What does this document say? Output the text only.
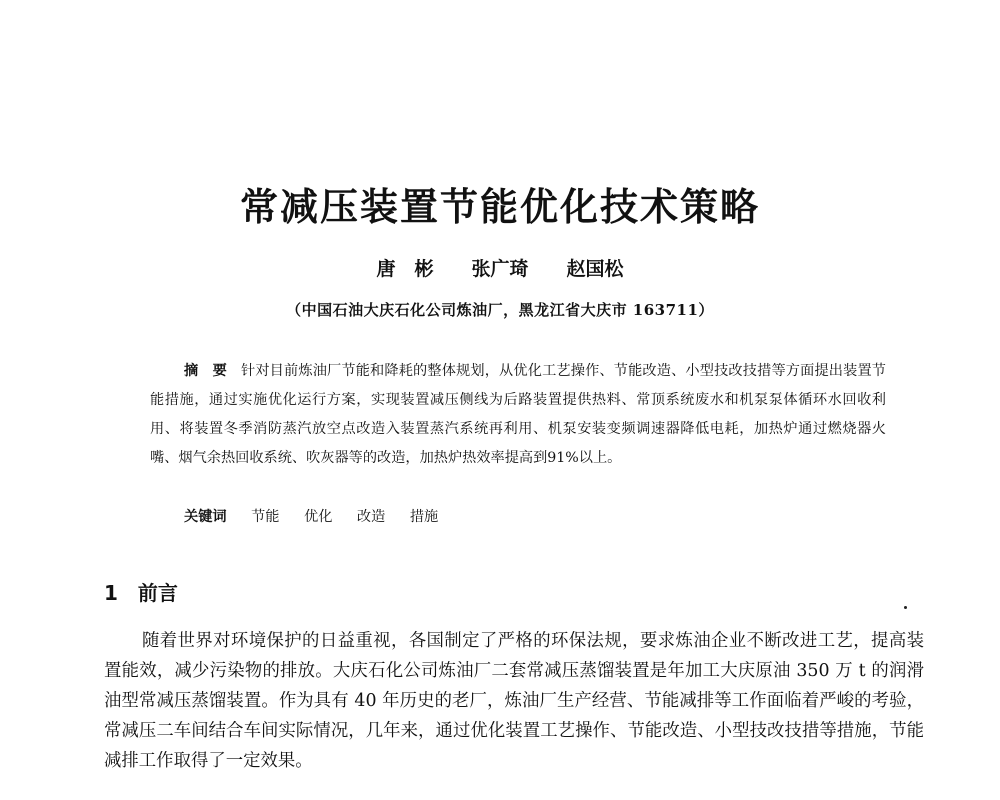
常减压装置节能优化技术策略
唐　彬　　 张广琦　　 赵国松
（中国石油大庆石化公司炼油厂，黑龙江省大庆市 163711）

摘　要 针对目前炼油厂节能和降耗的整体规划，从优化工艺操作、节能改造、小型技改技措等方面提出装置节能措施，通过实施优化运行方案，实现装置减压侧线为后路装置提供热料、常顶系统废水和机泵泵体循环水回收利用、将装置冬季消防蒸汽放空点改造入装置蒸汽系统再利用、机泵安装变频调速器降低电耗，加热炉通过燃烧器火嘴、烟气余热回收系统、吹灰器等的改造，加热炉热效率提高到91%以上。

关键词 节能 优化 改造 措施
1 前言

随着世界对环境保护的日益重视，各国制定了严格的环保法规，要求炼油企业不断改进工艺，提高装置能效，减少污染物的排放。大庆石化公司炼油厂二套常减压蒸馏装置是年加工大庆原油 350 万 t 的润滑油型常减压蒸馏装置。作为具有 40 年历史的老厂，炼油厂生产经营、节能减排等工作面临着严峻的考验，常减压二车间结合车间实际情况，几年来，通过优化装置工艺操作、节能改造、小型技改技措等措施，节能减排工作取得了一定效果。
